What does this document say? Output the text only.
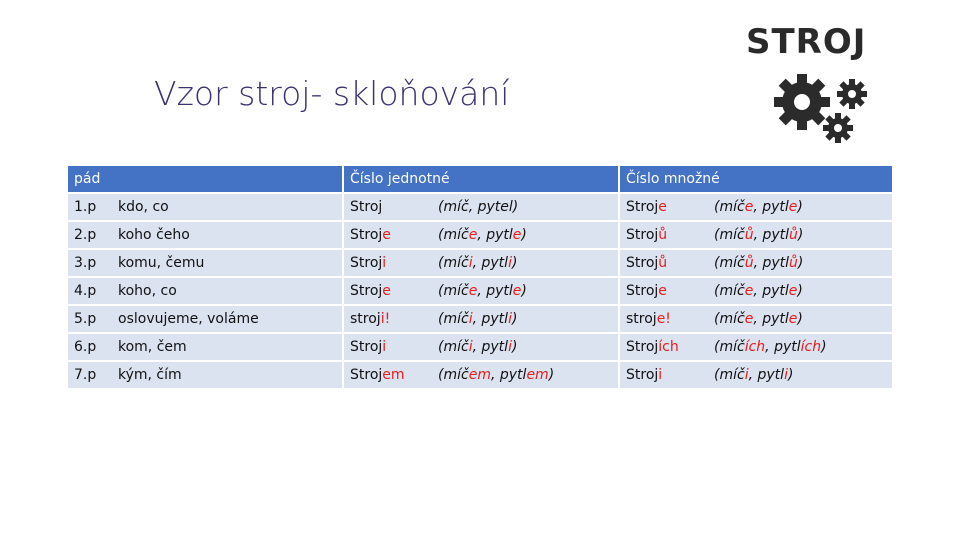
Vzor stroj- skloňování
STROJ
pád	Číslo jednotné	Číslo množné
1.p kdo, co	Stroj (míč, pytel)	Stroje (míče, pytle)
2.p koho čeho	Stroje (míče, pytle)	Strojů (míčů, pytlů)
3.p komu, čemu	Stroji (míči, pytli)	Strojů (míčů, pytlů)
4.p koho, co	Stroje (míče, pytle)	Stroje (míče, pytle)
5.p oslovujeme, voláme	stroji! (míči, pytli)	stroje! (míče, pytle)
6.p kom, čem	Stroji (míči, pytli)	Strojích (míčích, pytlích)
7.p kým, čím	Strojem (míčem, pytlem)	Stroji (míči, pytli)
